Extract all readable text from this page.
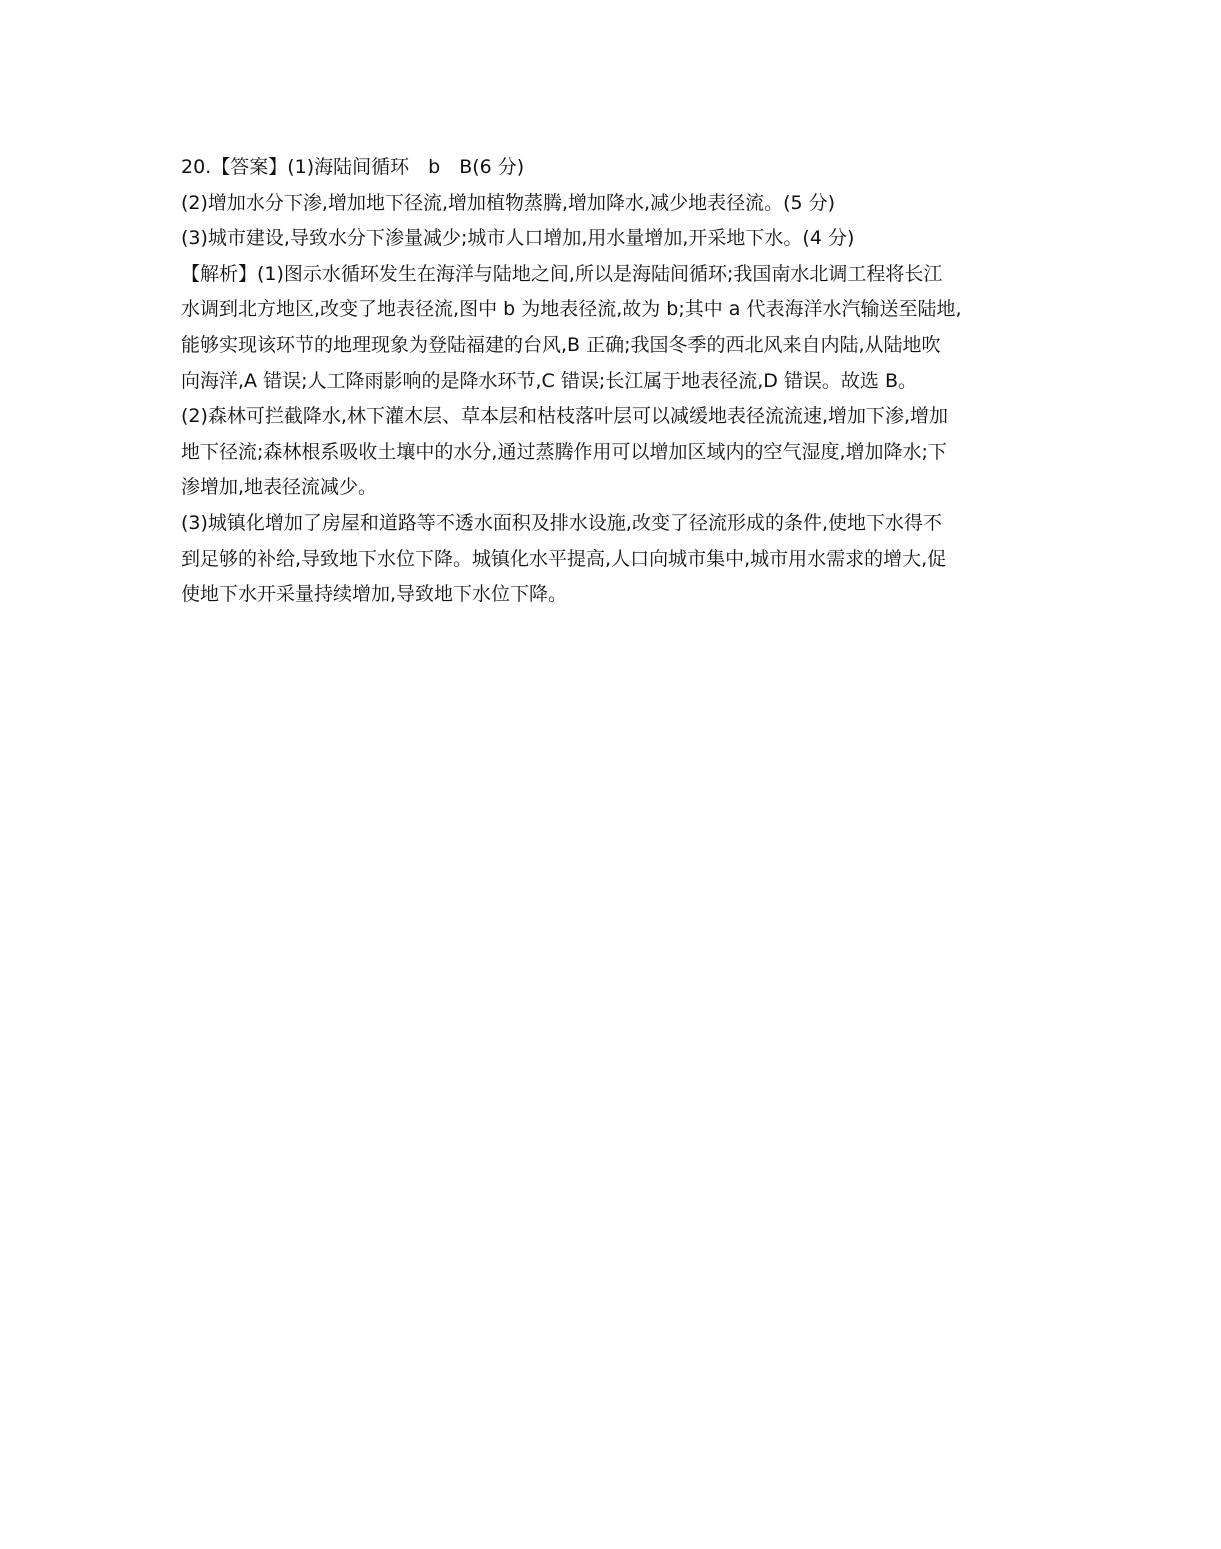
20.【答案】(1)海陆间循环　b　B(6 分)
(2)增加水分下渗,增加地下径流,增加植物蒸腾,增加降水,减少地表径流。(5 分)
(3)城市建设,导致水分下渗量减少;城市人口增加,用水量增加,开采地下水。(4 分)
【解析】(1)图示水循环发生在海洋与陆地之间,所以是海陆间循环;我国南水北调工程将长江
水调到北方地区,改变了地表径流,图中 b 为地表径流,故为 b;其中 a 代表海洋水汽输送至陆地,
能够实现该环节的地理现象为登陆福建的台风,B 正确;我国冬季的西北风来自内陆,从陆地吹
向海洋,A 错误;人工降雨影响的是降水环节,C 错误;长江属于地表径流,D 错误。故选 B。
(2)森林可拦截降水,林下灌木层、草本层和枯枝落叶层可以减缓地表径流流速,增加下渗,增加
地下径流;森林根系吸收土壤中的水分,通过蒸腾作用可以增加区域内的空气湿度,增加降水;下
渗增加,地表径流减少。
(3)城镇化增加了房屋和道路等不透水面积及排水设施,改变了径流形成的条件,使地下水得不
到足够的补给,导致地下水位下降。城镇化水平提高,人口向城市集中,城市用水需求的增大,促
使地下水开采量持续增加,导致地下水位下降。
